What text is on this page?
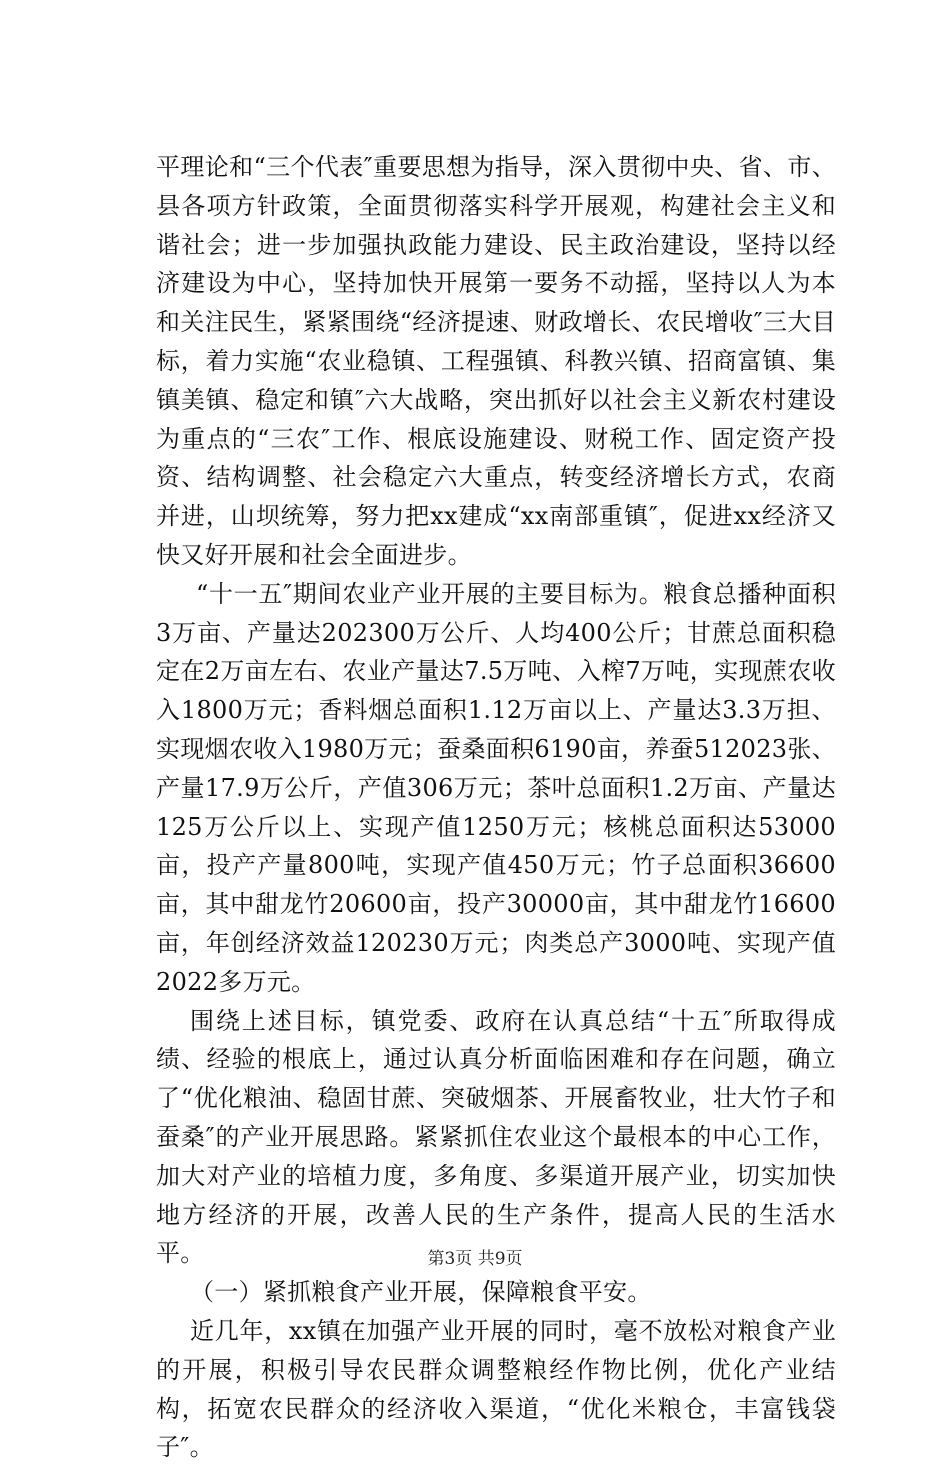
平理论和“三个代表″重要思想为指导，深入贯彻中央、省、市、县各项方针政策，全面贯彻落实科学开展观，构建社会主义和谐社会；进一步加强执政能力建设、民主政治建设，坚持以经济建设为中心，坚持加快开展第一要务不动摇，坚持以人为本和关注民生，紧紧围绕“经济提速、财政增长、农民增收″三大目标，着力实施“农业稳镇、工程强镇、科教兴镇、招商富镇、集镇美镇、稳定和镇″六大战略，突出抓好以社会主义新农村建设为重点的“三农″工作、根底设施建设、财税工作、固定资产投资、结构调整、社会稳定六大重点，转变经济增长方式，农商并进，山坝统筹，努力把xx建成“xx南部重镇″，促进xx经济又快又好开展和社会全面进步。

“十一五″期间农业产业开展的主要目标为。粮食总播种面积3万亩、产量达202300万公斤、人均400公斤；甘蔗总面积稳定在2万亩左右、农业产量达7.5万吨、入榨7万吨，实现蔗农收入1800万元；香料烟总面积1.12万亩以上、产量达3.3万担、实现烟农收入1980万元；蚕桑面积6190亩，养蚕512023张、产量17.9万公斤，产值306万元；茶叶总面积1.2万亩、产量达125万公斤以上、实现产值1250万元；核桃总面积达53000亩，投产产量800吨，实现产值450万元；竹子总面积36600亩，其中甜龙竹20600亩，投产30000亩，其中甜龙竹16600亩，年创经济效益120230万元；肉类总产3000吨、实现产值2022多万元。

围绕上述目标，镇党委、政府在认真总结“十五″所取得成绩、经验的根底上，通过认真分析面临困难和存在问题，确立了“优化粮油、稳固甘蔗、突破烟茶、开展畜牧业，壮大竹子和蚕桑″的产业开展思路。紧紧抓住农业这个最根本的中心工作，加大对产业的培植力度，多角度、多渠道开展产业，切实加快地方经济的开展，改善人民的生产条件，提高人民的生活水平。

（一）紧抓粮食产业开展，保障粮食平安。

近几年，xx镇在加强产业开展的同时，毫不放松对粮食产业的开展，积极引导农民群众调整粮经作物比例，优化产业结构，拓宽农民群众的经济收入渠道，“优化米粮仓，丰富钱袋子″。

第3页 共9页
